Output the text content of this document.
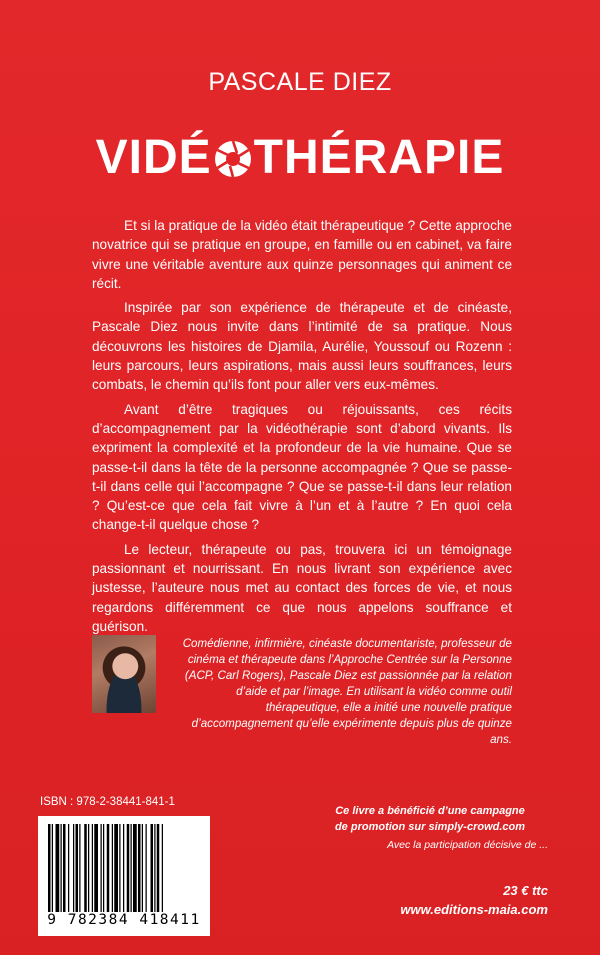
PASCALE DIEZ
VIDÉ THÉRAPIE

Et si la pratique de la vidéo était thérapeutique ? Cette approche novatrice qui se pratique en groupe, en famille ou en cabinet, va faire vivre une véritable aventure aux quinze personnages qui animent ce récit.

Inspirée par son expérience de thérapeute et de cinéaste, Pascale Diez nous invite dans l’intimité de sa pratique. Nous découvrons les histoires de Djamila, Aurélie, Youssouf ou Rozenn : leurs parcours, leurs aspirations, mais aussi leurs souffrances, leurs combats, le chemin qu’ils font pour aller vers eux-mêmes.

Avant d’être tragiques ou réjouissants, ces récits d’accompagnement par la vidéothérapie sont d’abord vivants. Ils expriment la complexité et la profondeur de la vie humaine. Que se passe-t-il dans la tête de la personne accompagnée ? Que se passe-t-il dans celle qui l’accompagne ? Que se passe-t-il dans leur relation ? Qu’est-ce que cela fait vivre à l’un et à l’autre ? En quoi cela change-t-il quelque chose ?

Le lecteur, thérapeute ou pas, trouvera ici un témoignage passionnant et nourrissant. En nous livrant son expérience avec justesse, l’auteure nous met au contact des forces de vie, et nous regardons différemment ce que nous appelons souffrance et guérison.

Comédienne, infirmière, cinéaste documentariste, professeur de cinéma et thérapeute dans l’Approche Centrée sur la Personne (ACP, Carl Rogers), Pascale Diez est passionnée par la relation d’aide et par l’image. En utilisant la vidéo comme outil thérapeutique, elle a initié une nouvelle pratique d’accompagnement qu’elle expérimente depuis plus de quinze ans.
ISBN : 978-2-38441-841-1
9 782384 418411
Ce livre a bénéficié d’une campagne
de promotion sur simply-crowd.com
Avec la participation décisive de ...
23 € ttc
www.editions-maia.com
